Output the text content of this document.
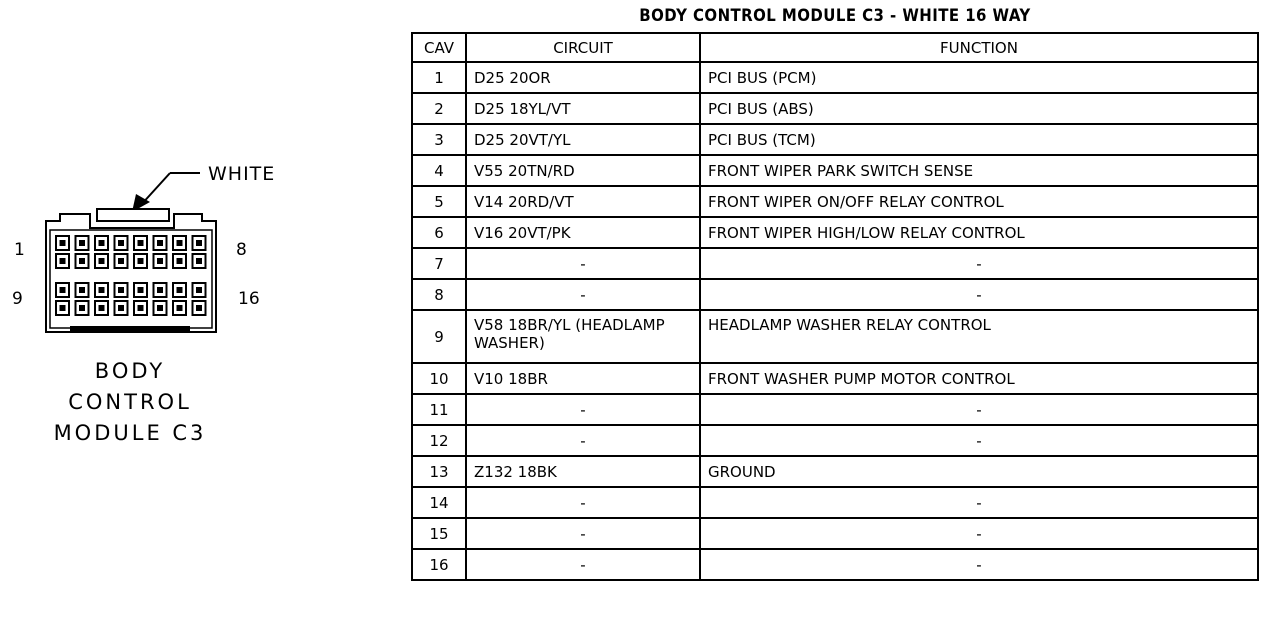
WHITE
1	8
9	16
BODY
CONTROL
MODULE C3
BODY CONTROL MODULE C3 - WHITE 16 WAY
CAV	CIRCUIT	FUNCTION
1	D25 20OR	PCI BUS (PCM)
2	D25 18YL/VT	PCI BUS (ABS)
3	D25 20VT/YL	PCI BUS (TCM)
4	V55 20TN/RD	FRONT WIPER PARK SWITCH SENSE
5	V14 20RD/VT	FRONT WIPER ON/OFF RELAY CONTROL
6	V16 20VT/PK	FRONT WIPER HIGH/LOW RELAY CONTROL
7	-	-
8	-	-
9	V58 18BR/YL (HEADLAMP WASHER)	HEADLAMP WASHER RELAY CONTROL
10	V10 18BR	FRONT WASHER PUMP MOTOR CONTROL
11	-	-
12	-	-
13	Z132 18BK	GROUND
14	-	-
15	-	-
16	-	-
